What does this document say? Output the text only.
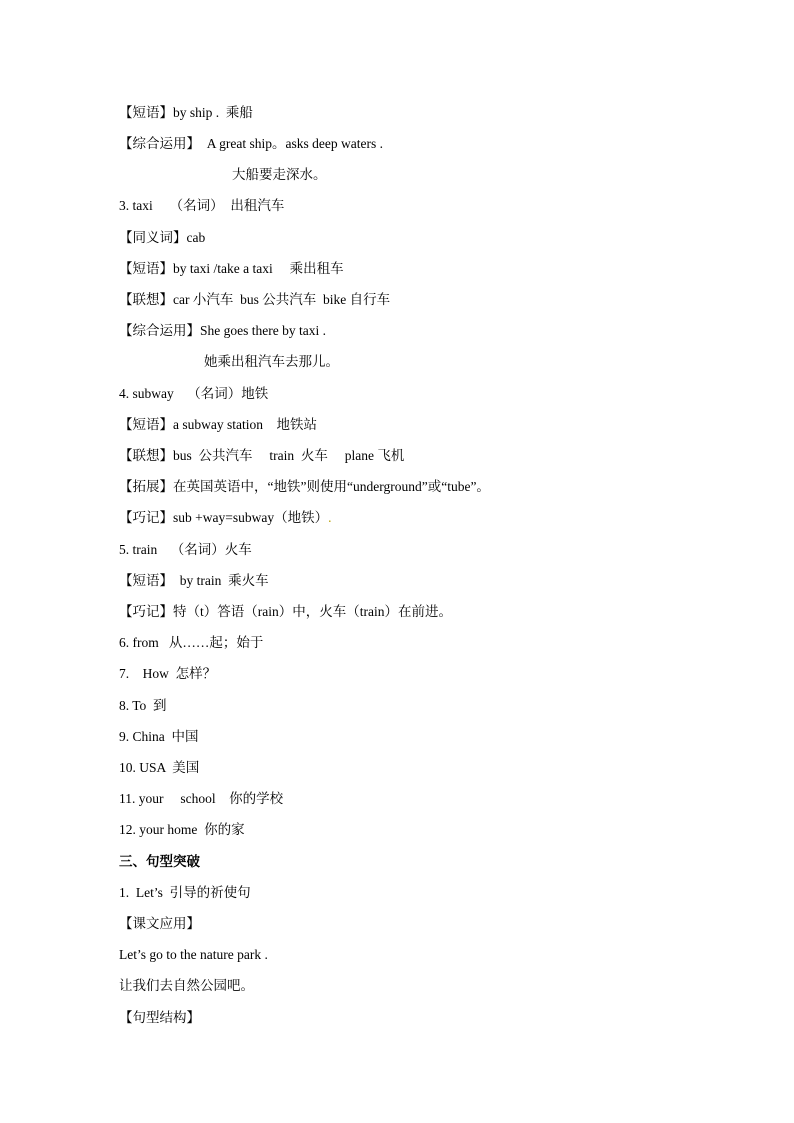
【短语】by ship .  乘船
【综合运用】  A great ship。asks deep waters .
大船要走深水。
3. taxi     （名词）  出租汽车
【同义词】cab
【短语】by taxi /take a taxi     乘出租车
【联想】car 小汽车  bus 公共汽车  bike 自行车
【综合运用】She goes there by taxi .
她乘出租汽车去那儿。
4. subway    （名词）地铁
【短语】a subway station    地铁站
【联想】bus  公共汽车     train  火车     plane 飞机
【拓展】在英国英语中，“地铁”则使用“underground”或“tube”。
【巧记】sub +way=subway（地铁）.
5. train    （名词）火车
【短语】  by train  乘火车
【巧记】特（t）答语（rain）中，火车（train）在前进。
6. from   从……起；始于
7.    How  怎样？
8. To  到
9. China  中国
10. USA  美国
11. your     school    你的学校
12. your home  你的家
三、句型突破
1.  Let’s  引导的祈使句
【课文应用】
Let’s go to the nature park .
让我们去自然公园吧。
【句型结构】
